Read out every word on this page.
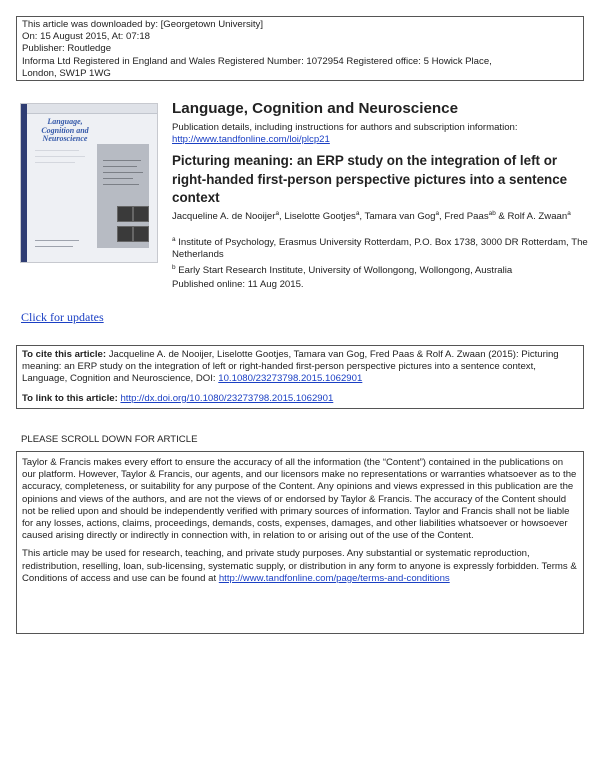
This article was downloaded by: [Georgetown University]
On: 15 August 2015, At: 07:18
Publisher: Routledge
Informa Ltd Registered in England and Wales Registered Number: 1072954 Registered office: 5 Howick Place,
London, SW1P 1WG
Language, Cognition and Neuroscience
Language, Cognition and Neuroscience
Publication details, including instructions for authors and subscription information:
http://www.tandfonline.com/loi/plcp21
Picturing meaning: an ERP study on the integration of left or right-handed first-person perspective pictures into a sentence context
Jacqueline A. de Nooijer$^a$, Liselotte Gootjes$^a$, Tamara van Gog$^a$, Fred Paas$^{ab}$ & Rolf A. Zwaan$^a$
$^a$ Institute of Psychology, Erasmus University Rotterdam, P.O. Box 1738, 3000 DR Rotterdam, The Netherlands
$^b$ Early Start Research Institute, University of Wollongong, Wollongong, Australia
Published online: 11 Aug 2015.
Click for updates
To cite this article: Jacqueline A. de Nooijer, Liselotte Gootjes, Tamara van Gog, Fred Paas & Rolf A. Zwaan (2015): Picturing meaning: an ERP study on the integration of left or right-handed first-person perspective pictures into a sentence context, Language, Cognition and Neuroscience, DOI: 10.1080/23273798.2015.1062901
To link to this article: http://dx.doi.org/10.1080/23273798.2015.1062901
PLEASE SCROLL DOWN FOR ARTICLE

Taylor & Francis makes every effort to ensure the accuracy of all the information (the “Content”) contained in the publications on our platform. However, Taylor & Francis, our agents, and our licensors make no representations or warranties whatsoever as to the accuracy, completeness, or suitability for any purpose of the Content. Any opinions and views expressed in this publication are the opinions and views of the authors, and are not the views of or endorsed by Taylor & Francis. The accuracy of the Content should not be relied upon and should be independently verified with primary sources of information. Taylor and Francis shall not be liable for any losses, actions, claims, proceedings, demands, costs, expenses, damages, and other liabilities whatsoever or howsoever caused arising directly or indirectly in connection with, in relation to or arising out of the use of the Content.

This article may be used for research, teaching, and private study purposes. Any substantial or systematic reproduction, redistribution, reselling, loan, sub-licensing, systematic supply, or distribution in any form to anyone is expressly forbidden. Terms & Conditions of access and use can be found at http://www.tandfonline.com/page/terms-and-conditions
